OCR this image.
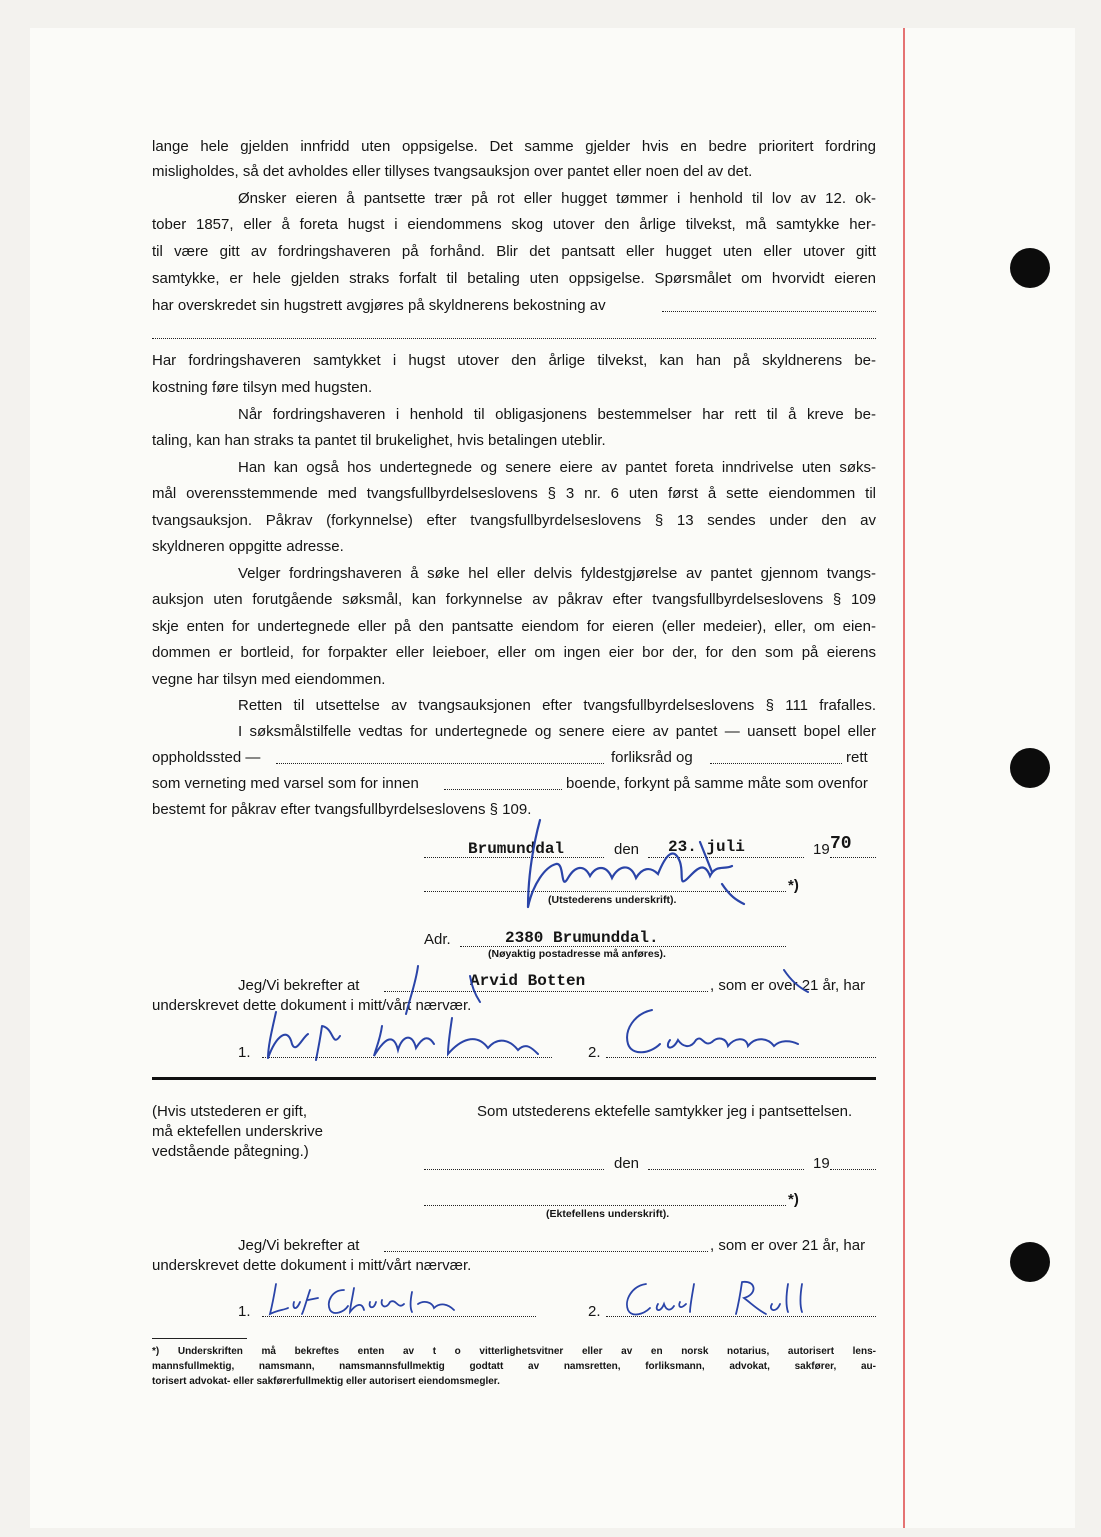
lange hele gjelden innfridd uten oppsigelse. Det samme gjelder hvis en bedre prioritert fordring
misligholdes, så det avholdes eller tillyses tvangsauksjon over pantet eller noen del av det.
Ønsker eieren å pantsette trær på rot eller hugget tømmer i henhold til lov av 12. ok-
tober 1857, eller å foreta hugst i eiendommens skog utover den årlige tilvekst, må samtykke her-
til være gitt av fordringshaveren på forhånd. Blir det pantsatt eller hugget uten eller utover gitt
samtykke, er hele gjelden straks forfalt til betaling uten oppsigelse. Spørsmålet om hvorvidt eieren
har overskredet sin hugstrett avgjøres på skyldnerens bekostning av
Har fordringshaveren samtykket i hugst utover den årlige tilvekst, kan han på skyldnerens be-
kostning føre tilsyn med hugsten.
Når fordringshaveren i henhold til obligasjonens bestemmelser har rett til å kreve be-
taling, kan han straks ta pantet til brukelighet, hvis betalingen uteblir.
Han kan også hos undertegnede og senere eiere av pantet foreta inndrivelse uten søks-
mål overensstemmende med tvangsfullbyrdelseslovens § 3 nr. 6 uten først å sette eiendommen til
tvangsauksjon. Påkrav (forkynnelse) efter tvangsfullbyrdelseslovens § 13 sendes under den av
skyldneren oppgitte adresse.
Velger fordringshaveren å søke hel eller delvis fyldestgjørelse av pantet gjennom tvangs-
auksjon uten forutgående søksmål, kan forkynnelse av påkrav efter tvangsfullbyrdelseslovens § 109
skje enten for undertegnede eller på den pantsatte eiendom for eieren (eller medeier), eller, om eien-
dommen er bortleid, for forpakter eller leieboer, eller om ingen eier bor der, for den som på eierens
vegne har tilsyn med eiendommen.
Retten til utsettelse av tvangsauksjonen efter tvangsfullbyrdelseslovens § 111 frafalles.
I søksmålstilfelle vedtas for undertegnede og senere eiere av pantet — uansett bopel eller
oppholdssted —	forliksråd og	rett
som verneting med varsel som for innen	boende, forkynt på samme måte som ovenfor
bestemt for påkrav efter tvangsfullbyrdelseslovens § 109.
Brumunddal	den 23. juli	19 70
*)
(Utstederens underskrift).
Adr.	2380 Brumunddal.
(Nøyaktig postadresse må anføres).
Jeg/Vi bekrefter at	Arvid Botten	, som er over 21 år, har
underskrevet dette dokument i mitt/vårt nærvær.
1.	2.
(Hvis utstederen er gift,
må ektefellen underskrive
vedstående påtegning.)
Som utstederens ektefelle samtykker jeg i pantsettelsen.
den	19
*)
(Ektefellens underskrift).
Jeg/Vi bekrefter at	, som er over 21 år, har
underskrevet dette dokument i mitt/vårt nærvær.
1.	2.
*) Underskriften må bekreftes enten av t o vitterlighetsvitner eller av en norsk notarius, autorisert lens-
mannsfullmektig, namsmann, namsmannsfullmektig godtatt av namsretten, forliksmann, advokat, sakfører, au-
torisert advokat- eller sakførerfullmektig eller autorisert eiendomsmegler.
